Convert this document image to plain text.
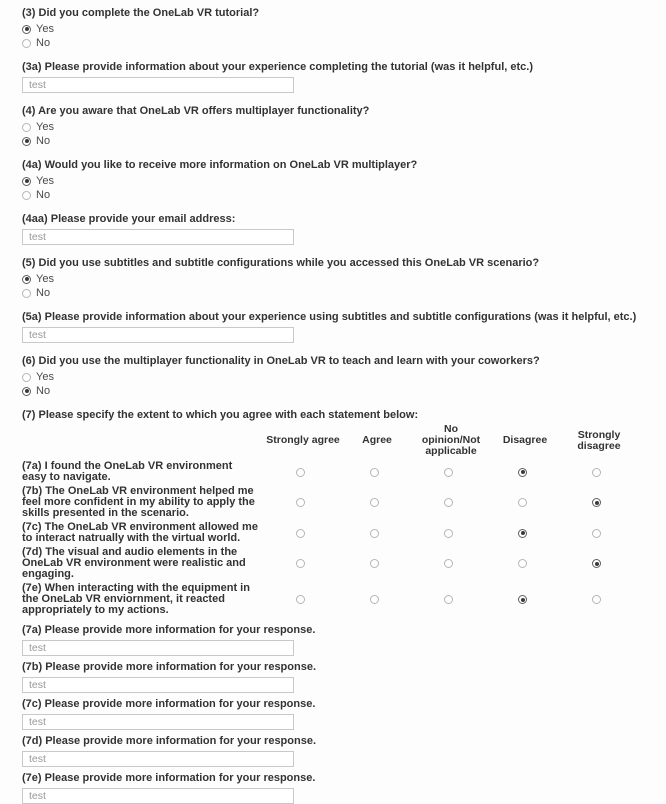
(3) Did you complete the OneLab VR tutorial?
Yes
No
(3a) Please provide information about your experience completing the tutorial (was it helpful, etc.)
test
(4) Are you aware that OneLab VR offers multiplayer functionality?
Yes
No
(4a) Would you like to receive more information on OneLab VR multiplayer?
Yes
No
(4aa) Please provide your email address:
test
(5) Did you use subtitles and subtitle configurations while you accessed this OneLab VR scenario?
Yes
No
(5a) Please provide information about your experience using subtitles and subtitle configurations (was it helpful, etc.)
test
(6) Did you use the multiplayer functionality in OneLab VR to teach and learn with your coworkers?
Yes
No
(7) Please specify the extent to which you agree with each statement below:
Strongly agree	Agree
No opinion/Not applicable
Disagree	Strongly disagree
(7a) I found the OneLab VR environment easy to navigate.
(7b) The OneLab VR environment helped me feel more confident in my ability to apply the skills presented in the scenario.
(7c) The OneLab VR environment allowed me to interact natrually with the virtual world.
(7d) The visual and audio elements in the OneLab VR environment were realistic and engaging.
(7e) When interacting with the equipment in the OneLab VR enviornment, it reacted appropriately to my actions.
(7a) Please provide more information for your response.
test
(7b) Please provide more information for your response.
test
(7c) Please provide more information for your response.
test
(7d) Please provide more information for your response.
test
(7e) Please provide more information for your response.
test
